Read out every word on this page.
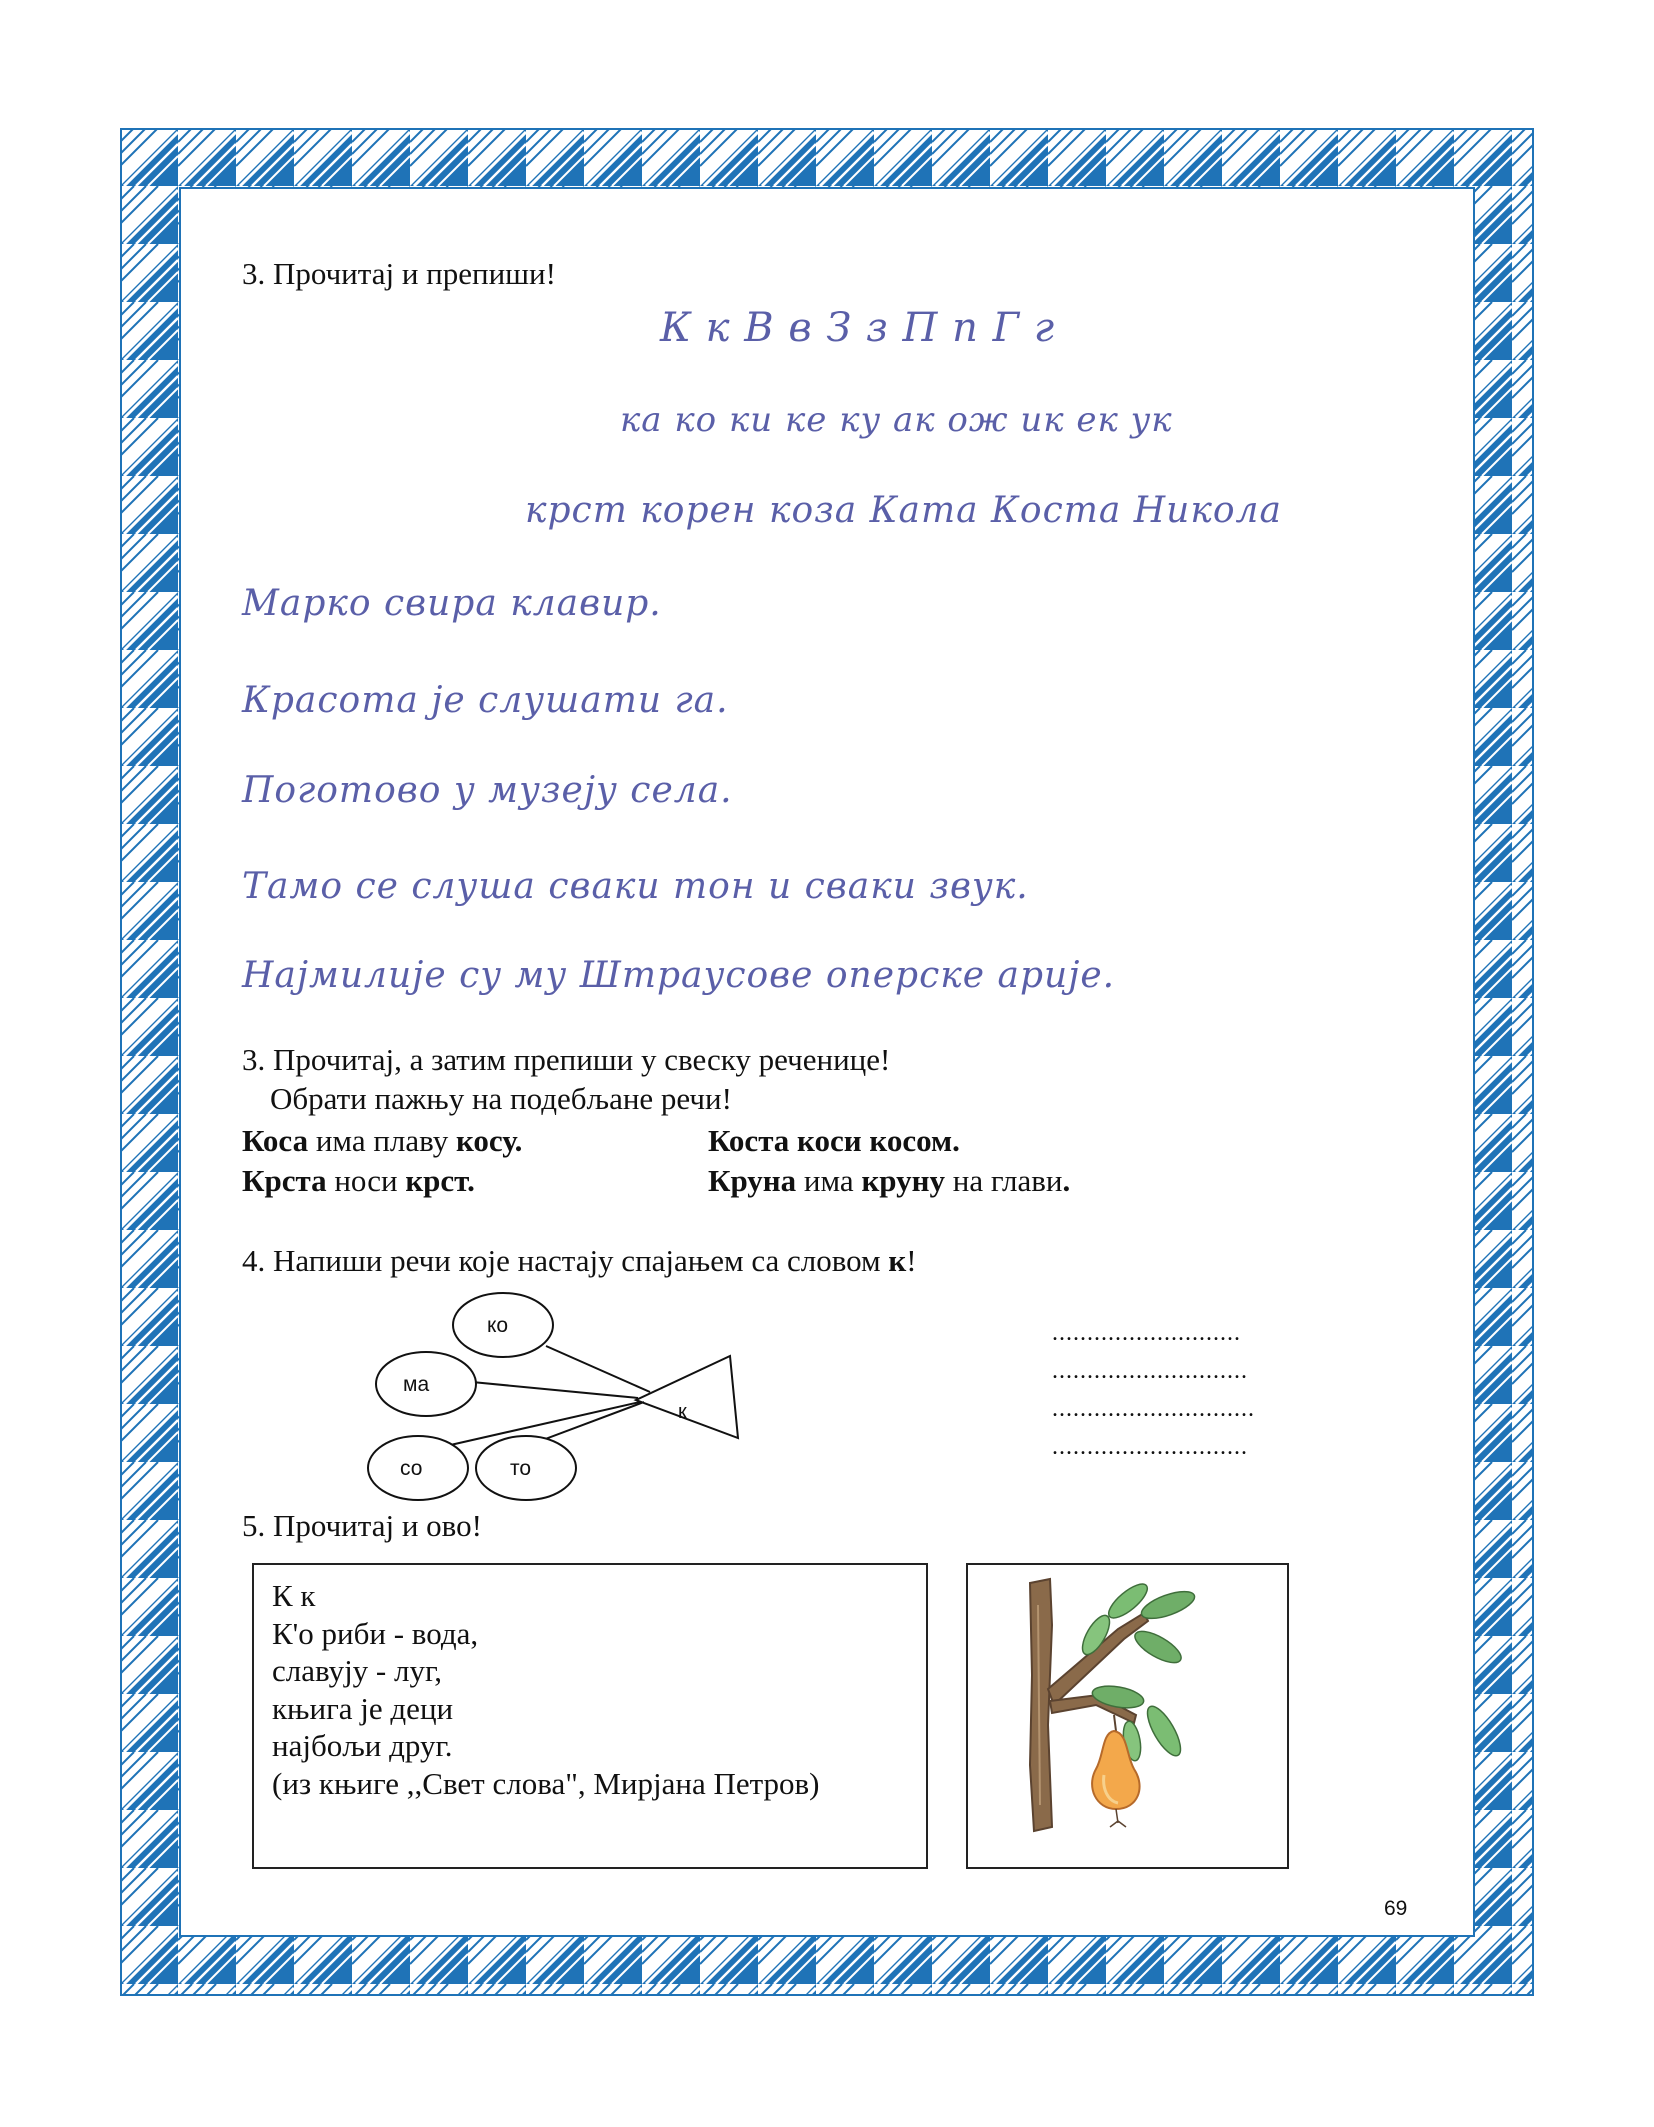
3. Прочитај и препиши!
К к В в З з П п Г г
ка ко ки ке ку ак ож ик ек ук
крст корен коза Ката Коста Никола
Марко свира клавир.
Красота је слушати га.
Поготово у музеју села.
Тамо се слуша сваки тон и сваки звук.
Најмилије су му Штраусове оперске арије.
3. Прочитај, а затим препиши у свеску реченице!
Обрати пажњу на подебљане речи!
Коса има плаву косу.	Коста коси косом.
Крста носи крст.	Круна има круну на глави.
4. Напиши речи које настају спајањем са словом к!
к
ко
ма
со	то
...........................
............................
.............................
............................
5. Прочитај и ово!
К к
К'о риби - вода,
славују - луг,
књига је деци
најбољи друг.
(из књиге ,,Свет слова", Мирјана Петров)
69
